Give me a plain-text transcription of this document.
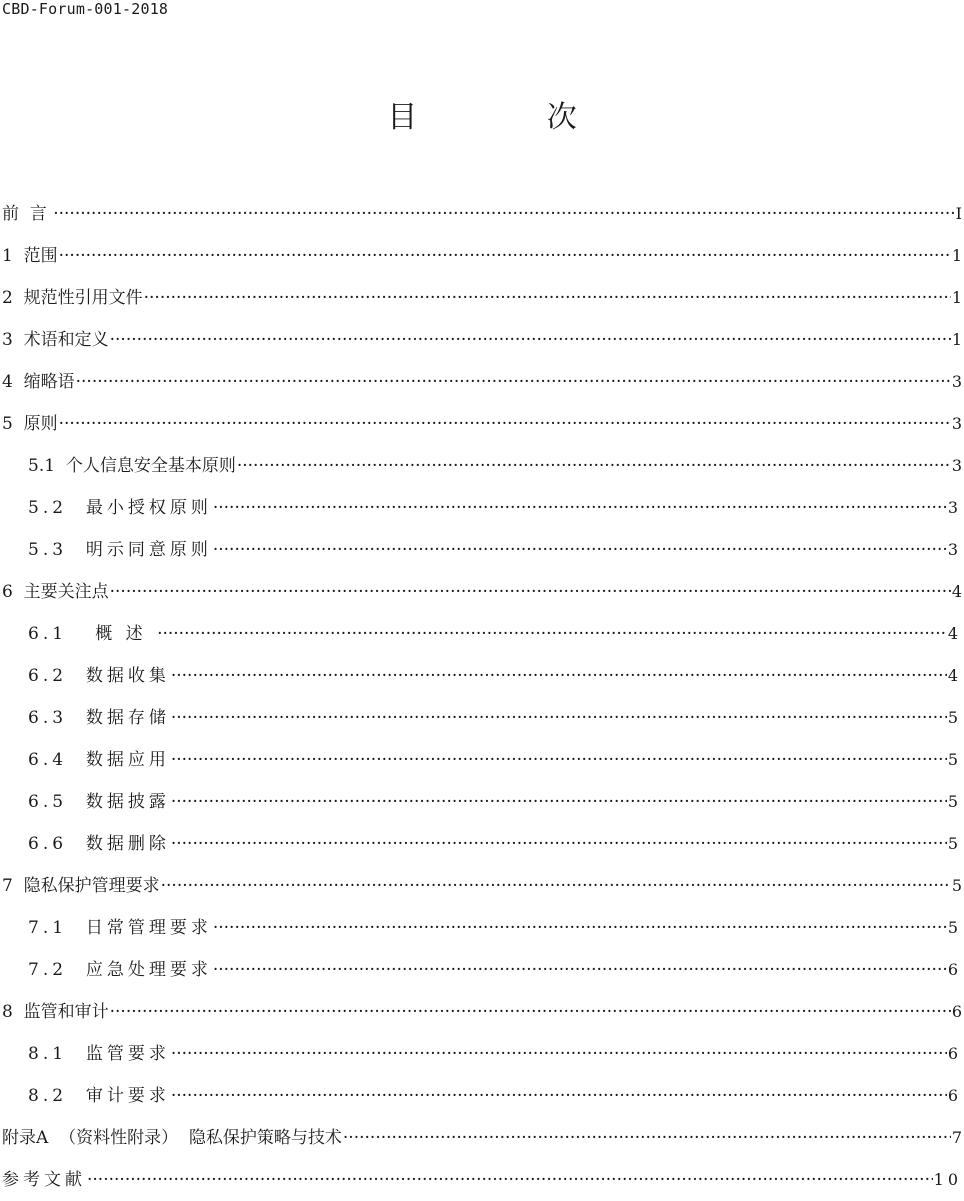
CBD-Forum-001-2018
目 次
前  言 ·····	I
1  范围 ·····	1
2  规范性引用文件 ·····	1
3  术语和定义 ·····	1
4  缩略语 ·····	3
5  原则 ·····	3
5.1  个人信息安全基本原则 ·····	3
5.2  最小授权原则 ·····	3
5.3  明示同意原则 ·····	3
6  主要关注点 ·····	4
6.1   概 述 ·····	4
6.2  数据收集 ·····	4
6.3  数据存储 ·····	5
6.4  数据应用 ·····	5
6.5  数据披露 ·····	5
6.6  数据删除 ·····	5
7  隐私保护管理要求 ·····	5
7.1  日常管理要求 ·····	5
7.2  应急处理要求 ·····	6
8  监管和审计 ·····	6
8.1  监管要求 ·····	6
8.2  审计要求 ·····	6
附录A  （资料性附录）  隐私保护策略与技术 ·····	7
参考文献 ·····	10
